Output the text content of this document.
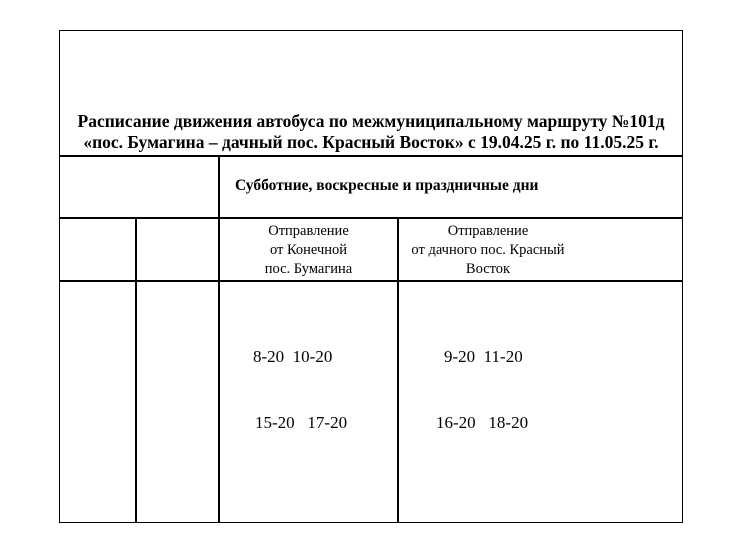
Расписание движения автобуса по межмуниципальному маршруту №101д
«пос. Бумагина – дачный пос. Красный Восток» с 19.04.25 г. по 11.05.25 г.
Субботние, воскресные и праздничные дни
Отправление
от Конечной
пос. Бумагина
Отправление
от дачного пос. Красный
Восток

8-20  10-20

15-20   17-20

9-20  11-20

16-20   18-20
